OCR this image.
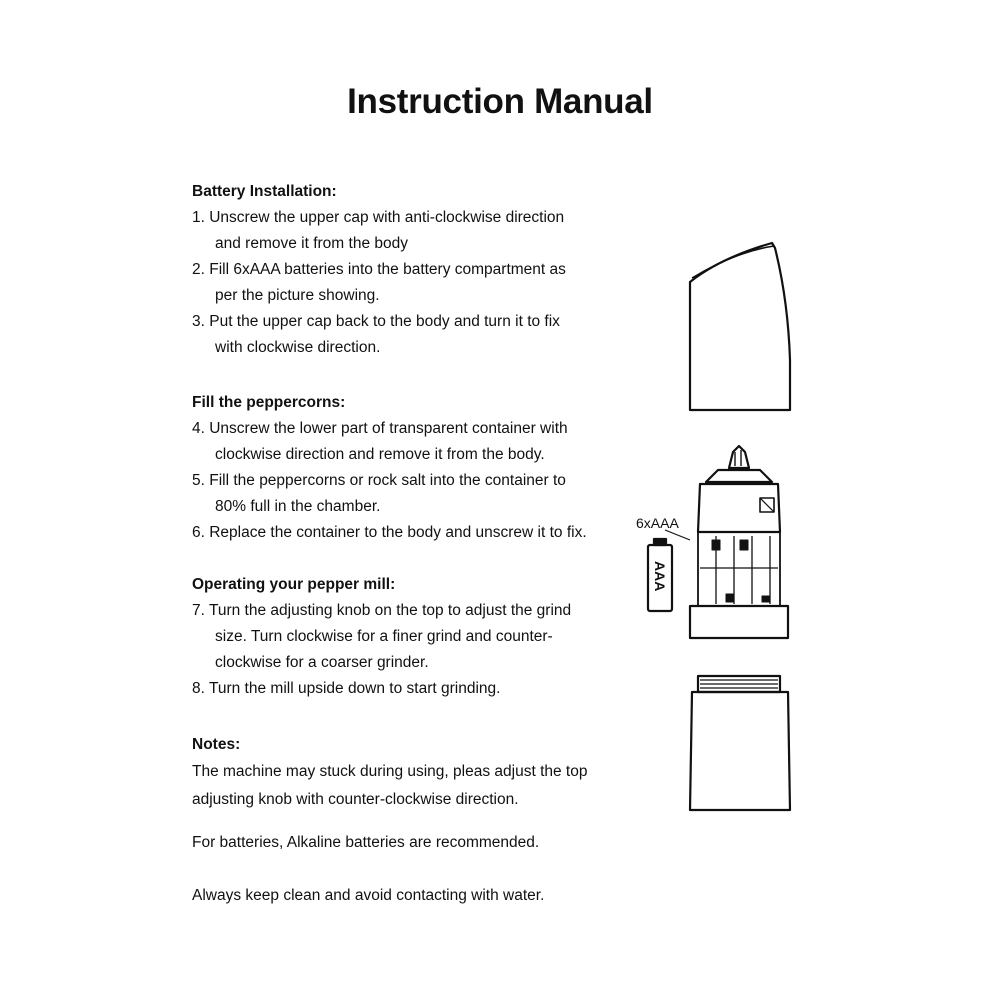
Instruction Manual
Battery Installation:
1. Unscrew the upper cap with anti-clockwise direction
and remove it from the body
2. Fill 6xAAA batteries into the battery compartment as
per the picture showing.
3. Put the upper cap back to the body and turn it to fix
with clockwise direction.
Fill the peppercorns:
4. Unscrew the lower part of transparent container with
clockwise direction and remove it from the body.
5. Fill the peppercorns or rock salt into the container to
80% full in the chamber.
6. Replace the container to the body and unscrew it to fix.
Operating your pepper mill:
7. Turn the adjusting knob on the top to adjust the grind
size. Turn clockwise for a finer grind and counter-
clockwise for a coarser grinder.
8. Turn the mill upside down to start grinding.
Notes:
The machine may stuck during using, pleas adjust the top
adjusting knob with counter-clockwise direction.
For batteries, Alkaline batteries are recommended.
Always keep clean and avoid contacting with water.
6xAAA
AAA
